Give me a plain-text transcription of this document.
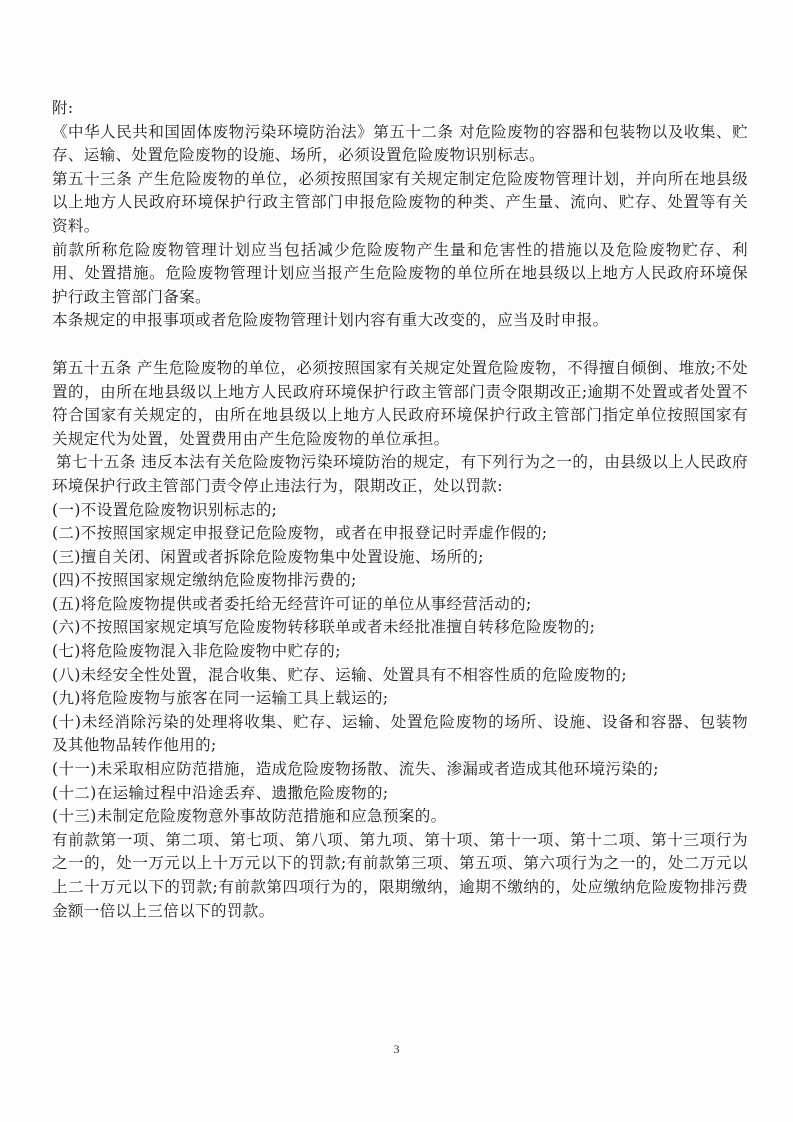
附:

《中华人民共和国固体废物污染环境防治法》第五十二条 对危险废物的容器和包装物以及收集、贮存、运输、处置危险废物的设施、场所，必须设置危险废物识别标志。

第五十三条 产生危险废物的单位，必须按照国家有关规定制定危险废物管理计划，并向所在地县级以上地方人民政府环境保护行政主管部门申报危险废物的种类、产生量、流向、贮存、处置等有关资料。

前款所称危险废物管理计划应当包括减少危险废物产生量和危害性的措施以及危险废物贮存、利用、处置措施。危险废物管理计划应当报产生危险废物的单位所在地县级以上地方人民政府环境保护行政主管部门备案。

本条规定的申报事项或者危险废物管理计划内容有重大改变的，应当及时申报。

第五十五条 产生危险废物的单位，必须按照国家有关规定处置危险废物，不得擅自倾倒、堆放;不处置的，由所在地县级以上地方人民政府环境保护行政主管部门责令限期改正;逾期不处置或者处置不符合国家有关规定的，由所在地县级以上地方人民政府环境保护行政主管部门指定单位按照国家有关规定代为处置，处置费用由产生危险废物的单位承担。

第七十五条 违反本法有关危险废物污染环境防治的规定，有下列行为之一的，由县级以上人民政府环境保护行政主管部门责令停止违法行为，限期改正，处以罚款:

(一)不设置危险废物识别标志的;

(二)不按照国家规定申报登记危险废物，或者在申报登记时弄虚作假的;

(三)擅自关闭、闲置或者拆除危险废物集中处置设施、场所的;

(四)不按照国家规定缴纳危险废物排污费的;

(五)将危险废物提供或者委托给无经营许可证的单位从事经营活动的;

(六)不按照国家规定填写危险废物转移联单或者未经批准擅自转移危险废物的;

(七)将危险废物混入非危险废物中贮存的;

(八)未经安全性处置，混合收集、贮存、运输、处置具有不相容性质的危险废物的;

(九)将危险废物与旅客在同一运输工具上载运的;

(十)未经消除污染的处理将收集、贮存、运输、处置危险废物的场所、设施、设备和容器、包装物及其他物品转作他用的;

(十一)未采取相应防范措施，造成危险废物扬散、流失、渗漏或者造成其他环境污染的;

(十二)在运输过程中沿途丢弃、遗撒危险废物的;

(十三)未制定危险废物意外事故防范措施和应急预案的。

有前款第一项、第二项、第七项、第八项、第九项、第十项、第十一项、第十二项、第十三项行为之一的，处一万元以上十万元以下的罚款;有前款第三项、第五项、第六项行为之一的，处二万元以上二十万元以下的罚款;有前款第四项行为的，限期缴纳，逾期不缴纳的，处应缴纳危险废物排污费金额一倍以上三倍以下的罚款。

3
